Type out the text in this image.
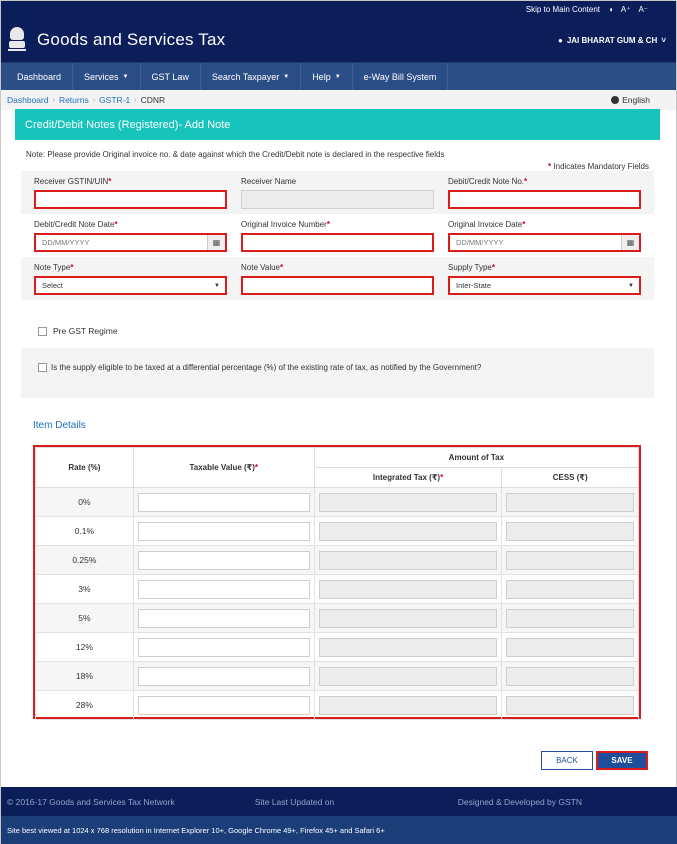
Skip to Main Content ◑ A⁺ A⁻
Goods and Services Tax	● JAI BHARAT GUM & CH ˅
Dashboard	Services ▼	GST Law	Search Taxpayer ▼	Help ▼	e-Way Bill System
Dashboard › Returns › GSTR-1 › CDNR	English
Credit/Debit Notes (Registered)- Add Note
Note: Please provide Original invoice no. & date against which the Credit/Debit note is declared in the respective fields
* Indicates Mandatory Fields
Receiver GSTIN/UIN*	Receiver Name	Debit/Credit Note No.*
Debit/Credit Note Date*
DD/MM/YYYY	▦
Original Invoice Number*	Original Invoice Date*
DD/MM/YYYY	▦
Note Type*
Select	▼
Note Value*	Supply Type*
Inter-State	▼
Pre GST Regime
Is the supply eligible to be taxed at a differential percentage (%) of the existing rate of tax, as notified by the Government?
Item Details
Rate (%)	Taxable Value (₹)*	Amount of Tax	
		Integrated Tax (₹)*	CESS (₹)
0%	

0.1%	

0.25%	

3%	

5%	

12%	

18%	

28%	

BACK	SAVE
© 2016-17 Goods and Services Tax Network	Site Last Updated on	Designed & Developed by GSTN
Site best viewed at 1024 x 768 resolution in Internet Explorer 10+, Google Chrome 49+, Firefox 45+ and Safari 6+
